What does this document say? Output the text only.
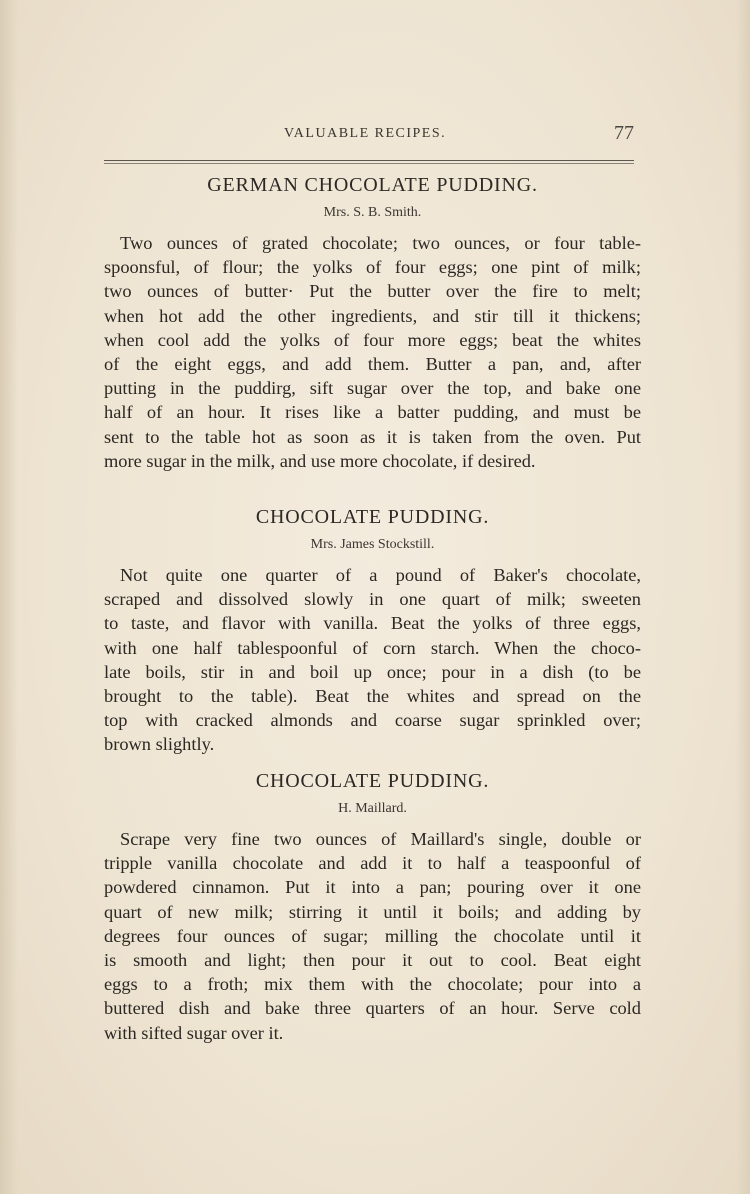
VALUABLE RECIPES.	77
GERMAN CHOCOLATE PUDDING.
Mrs. S. B. Smith.
Two ounces of grated chocolate; two ounces, or four table-
spoonsful, of flour; the yolks of four eggs; one pint of milk;
two ounces of butter· Put the butter over the fire to melt;
when hot add the other ingredients, and stir till it thickens;
when cool add the yolks of four more eggs; beat the whites
of the eight eggs, and add them. Butter a pan, and, after
putting in the puddirg, sift sugar over the top, and bake one
half of an hour. It rises like a batter pudding, and must be
sent to the table hot as soon as it is taken from the oven. Put
more sugar in the milk, and use more chocolate, if desired.
CHOCOLATE PUDDING.
Mrs. James Stockstill.
Not quite one quarter of a pound of Baker's chocolate,
scraped and dissolved slowly in one quart of milk; sweeten
to taste, and flavor with vanilla. Beat the yolks of three eggs,
with one half tablespoonful of corn starch. When the choco-
late boils, stir in and boil up once; pour in a dish (to be
brought to the table). Beat the whites and spread on the
top with cracked almonds and coarse sugar sprinkled over;
brown slightly.
CHOCOLATE PUDDING.
H. Maillard.
Scrape very fine two ounces of Maillard's single, double or
tripple vanilla chocolate and add it to half a teaspoonful of
powdered cinnamon. Put it into a pan; pouring over it one
quart of new milk; stirring it until it boils; and adding by
degrees four ounces of sugar; milling the chocolate until it
is smooth and light; then pour it out to cool. Beat eight
eggs to a froth; mix them with the chocolate; pour into a
buttered dish and bake three quarters of an hour. Serve cold
with sifted sugar over it.
